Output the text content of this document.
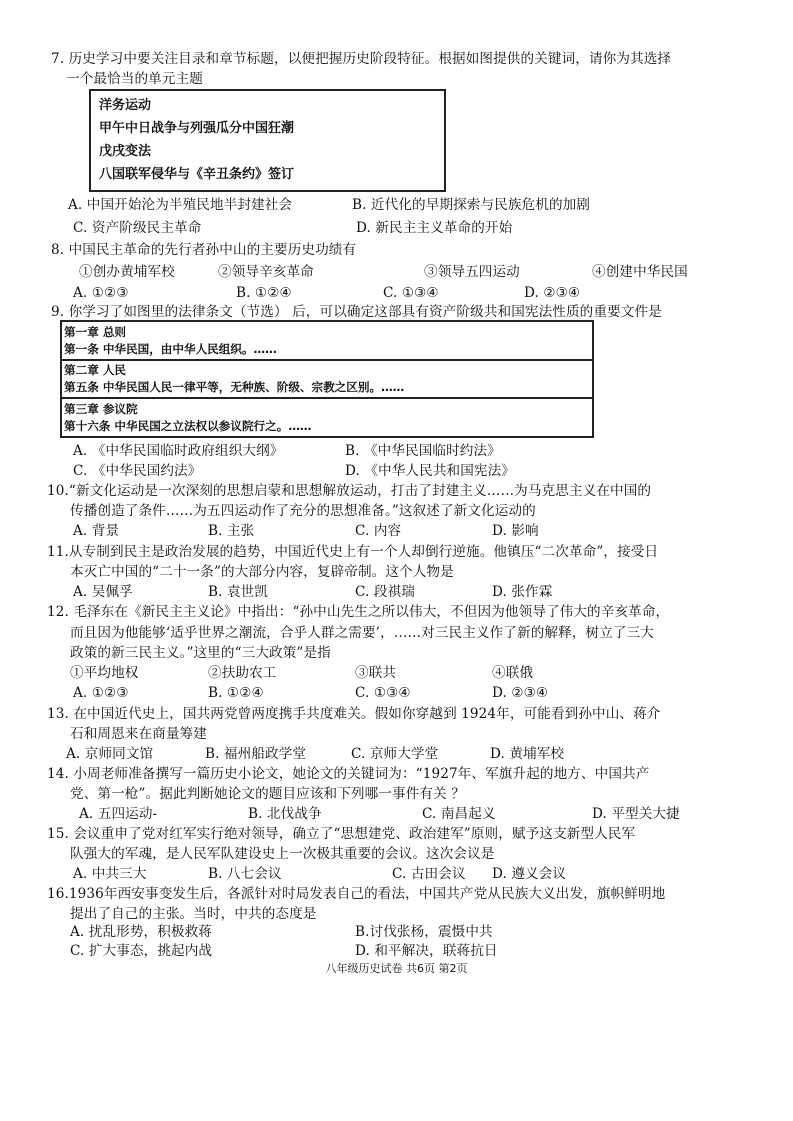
7. 历史学习中要关注目录和章节标题，以便把握历史阶段特征。根据如图提供的关键词，请你为其选择
一个最恰当的单元主题
洋务运动
甲午中日战争与列强瓜分中国狂潮
戊戌变法
八国联军侵华与《辛丑条约》签订
A. 中国开始沦为半殖民地半封建社会	B. 近代化的早期探索与民族危机的加剧
C. 资产阶级民主革命	D. 新民主主义革命的开始
8. 中国民主革命的先行者孙中山的主要历史功绩有
①创办黄埔军校	②领导辛亥革命	③领导五四运动	④创建中华民国
A. ①②③	B. ①②④	C. ①③④	D. ②③④
9. 你学习了如图里的法律条文（节选） 后，可以确定这部具有资产阶级共和国宪法性质的重要文件是
第一章 总则
第一条 中华民国，由中华人民组织。……
第二章 人民
第五条 中华民国人民一律平等，无种族、阶级、宗教之区别。……
第三章 参议院
第十六条 中华民国之立法权以参议院行之。……
A. 《中华民国临时政府组织大纲》	B. 《中华民国临时约法》
C. 《中华民国约法》	D. 《中华人民共和国宪法》
10.“新文化运动是一次深刻的思想启蒙和思想解放运动，打击了封建主义……为马克思主义在中国的
传播创造了条件……为五四运动作了充分的思想准备。”这叙述了新文化运动的
A. 背景	B. 主张	C. 内容	D. 影响
11.从专制到民主是政治发展的趋势，中国近代史上有一个人却倒行逆施。他镇压“二次革命”，接受日
本灭亡中国的“二十一条”的大部分内容，复辟帝制。这个人物是
A. 吴佩孚	B. 袁世凯	C. 段祺瑞	D. 张作霖
12. 毛泽东在《新民主主义论》中指出：“孙中山先生之所以伟大，不但因为他领导了伟大的辛亥革命，
而且因为他能够‘适乎世界之潮流，合乎人群之需要’，……对三民主义作了新的解释，树立了三大
政策的新三民主义。”这里的“三大政策”是指
①平均地权	②扶助农工	③联共	④联俄
A. ①②③	B. ①②④	C. ①③④	D. ②③④
13. 在中国近代史上，国共两党曾两度携手共度难关。假如你穿越到 1924年，可能看到孙中山、蒋介
石和周恩来在商量筹建
A. 京师同文馆	B. 福州船政学堂	C. 京师大学堂	D. 黄埔军校
14. 小周老师准备撰写一篇历史小论文，她论文的关键词为：“1927年、军旗升起的地方、中国共产
党、第一枪”。据此判断她论文的题目应该和下列哪一事件有关 ？
A. 五四运动-	B. 北伐战争	C. 南昌起义	D. 平型关大捷
15. 会议重申了党对红军实行绝对领导，确立了“思想建党、政治建军”原则，赋予这支新型人民军
队强大的军魂，是人民军队建设史上一次极其重要的会议。这次会议是
A. 中共三大	B. 八七会议	C. 古田会议 D. 遵义会议
16.1936年西安事变发生后，各派针对时局发表自己的看法，中国共产党从民族大义出发，旗帜鲜明地
提出了自己的主张。当时，中共的态度是
A. 扰乱形势，积极救蒋	B.讨伐张杨，震慑中共
C. 扩大事态，挑起内战	D. 和平解决，联蒋抗日
八年级历史试卷 共6页 第2页
